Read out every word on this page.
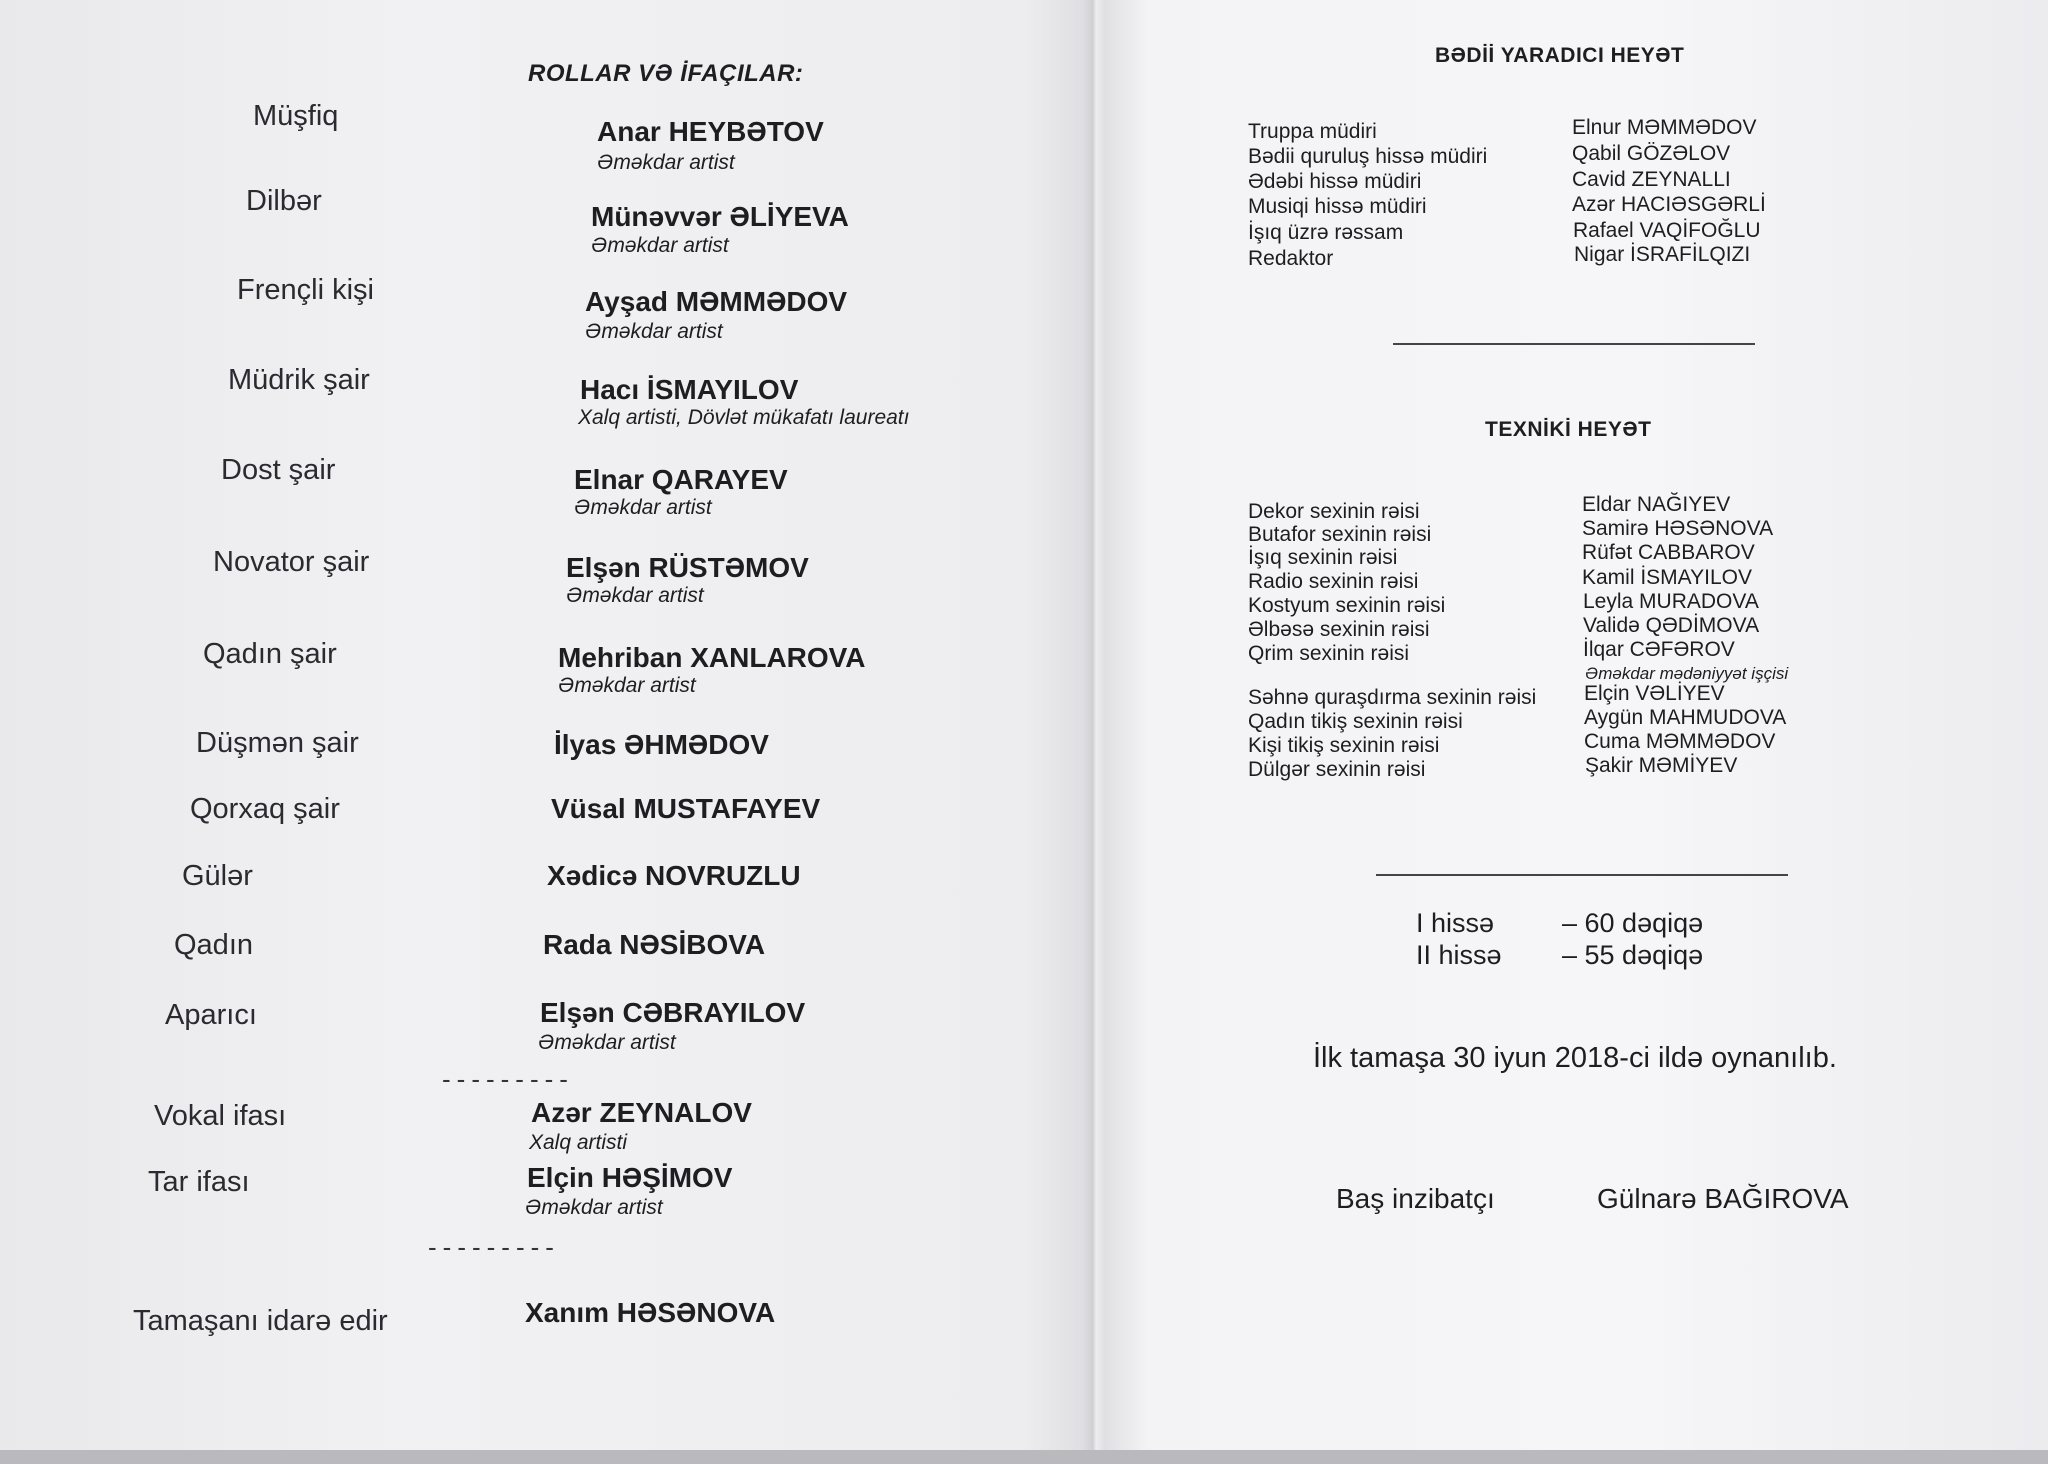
ROLLAR VƏ İFAÇILAR:
Müşfiq	Anar HEYBƏTOV
Əməkdar artist
Dilbər	Münəvvər ƏLİYEVA
Əməkdar artist
Frençli kişi	Ayşad MƏMMƏDOV
Əməkdar artist
Müdrik şair	Hacı İSMAYILOV
Xalq artisti, Dövlət mükafatı laureatı
Dost şair	Elnar QARAYEV
Əməkdar artist
Novator şair	Elşən RÜSTƏMOV
Əməkdar artist
Qadın şair	Mehriban XANLAROVA
Əməkdar artist
Düşmən şair	İlyas ƏHMƏDOV
Qorxaq şair	Vüsal MUSTAFAYEV
Gülər	Xədicə NOVRUZLU
Qadın	Rada NƏSİBOVA
Aparıcı	Elşən CƏBRAYILOV
Əməkdar artist
---------
Vokal ifası	Azər ZEYNALOV
Xalq artisti
Tar ifası	Elçin HƏŞİMOV
Əməkdar artist
---------
Tamaşanı idarə edir	Xanım HƏSƏNOVA
BƏDİİ YARADICI HEYƏT
Truppa müdiri	Elnur MƏMMƏDOV
Bədii quruluş hissə müdiri	Qabil GÖZƏLOV
Ədəbi hissə müdiri	Cavid ZEYNALLI
Musiqi hissə müdiri	Azər HACIƏSGƏRLİ
İşıq üzrə rəssam	Rafael VAQİFOĞLU
Redaktor	Nigar İSRAFİLQIZI
TEXNİKİ HEYƏT
Dekor sexinin rəisi	Eldar NAĞIYEV
Butafor sexinin rəisi	Samirə HƏSƏNOVA
İşıq sexinin rəisi	Rüfət CABBAROV
Radio sexinin rəisi	Kamil İSMAYILOV
Kostyum sexinin rəisi	Leyla MURADOVA
Əlbəsə sexinin rəisi	Validə QƏDİMOVA
Qrim sexinin rəisi	İlqar CƏFƏROV
Əməkdar mədəniyyət işçisi
Səhnə quraşdırma sexinin rəisi Elçin VƏLİYEV
Qadın tikiş sexinin rəisi	Aygün MAHMUDOVA
Kişi tikiş sexinin rəisi	Cuma MƏMMƏDOV
Dülgər sexinin rəisi	Şakir MƏMİYEV
I hissə	– 60 dəqiqə
II hissə – 55 dəqiqə
İlk tamaşa 30 iyun 2018-ci ildə oynanılıb.
Baş inzibatçı	Gülnarə BAĞIROVA
